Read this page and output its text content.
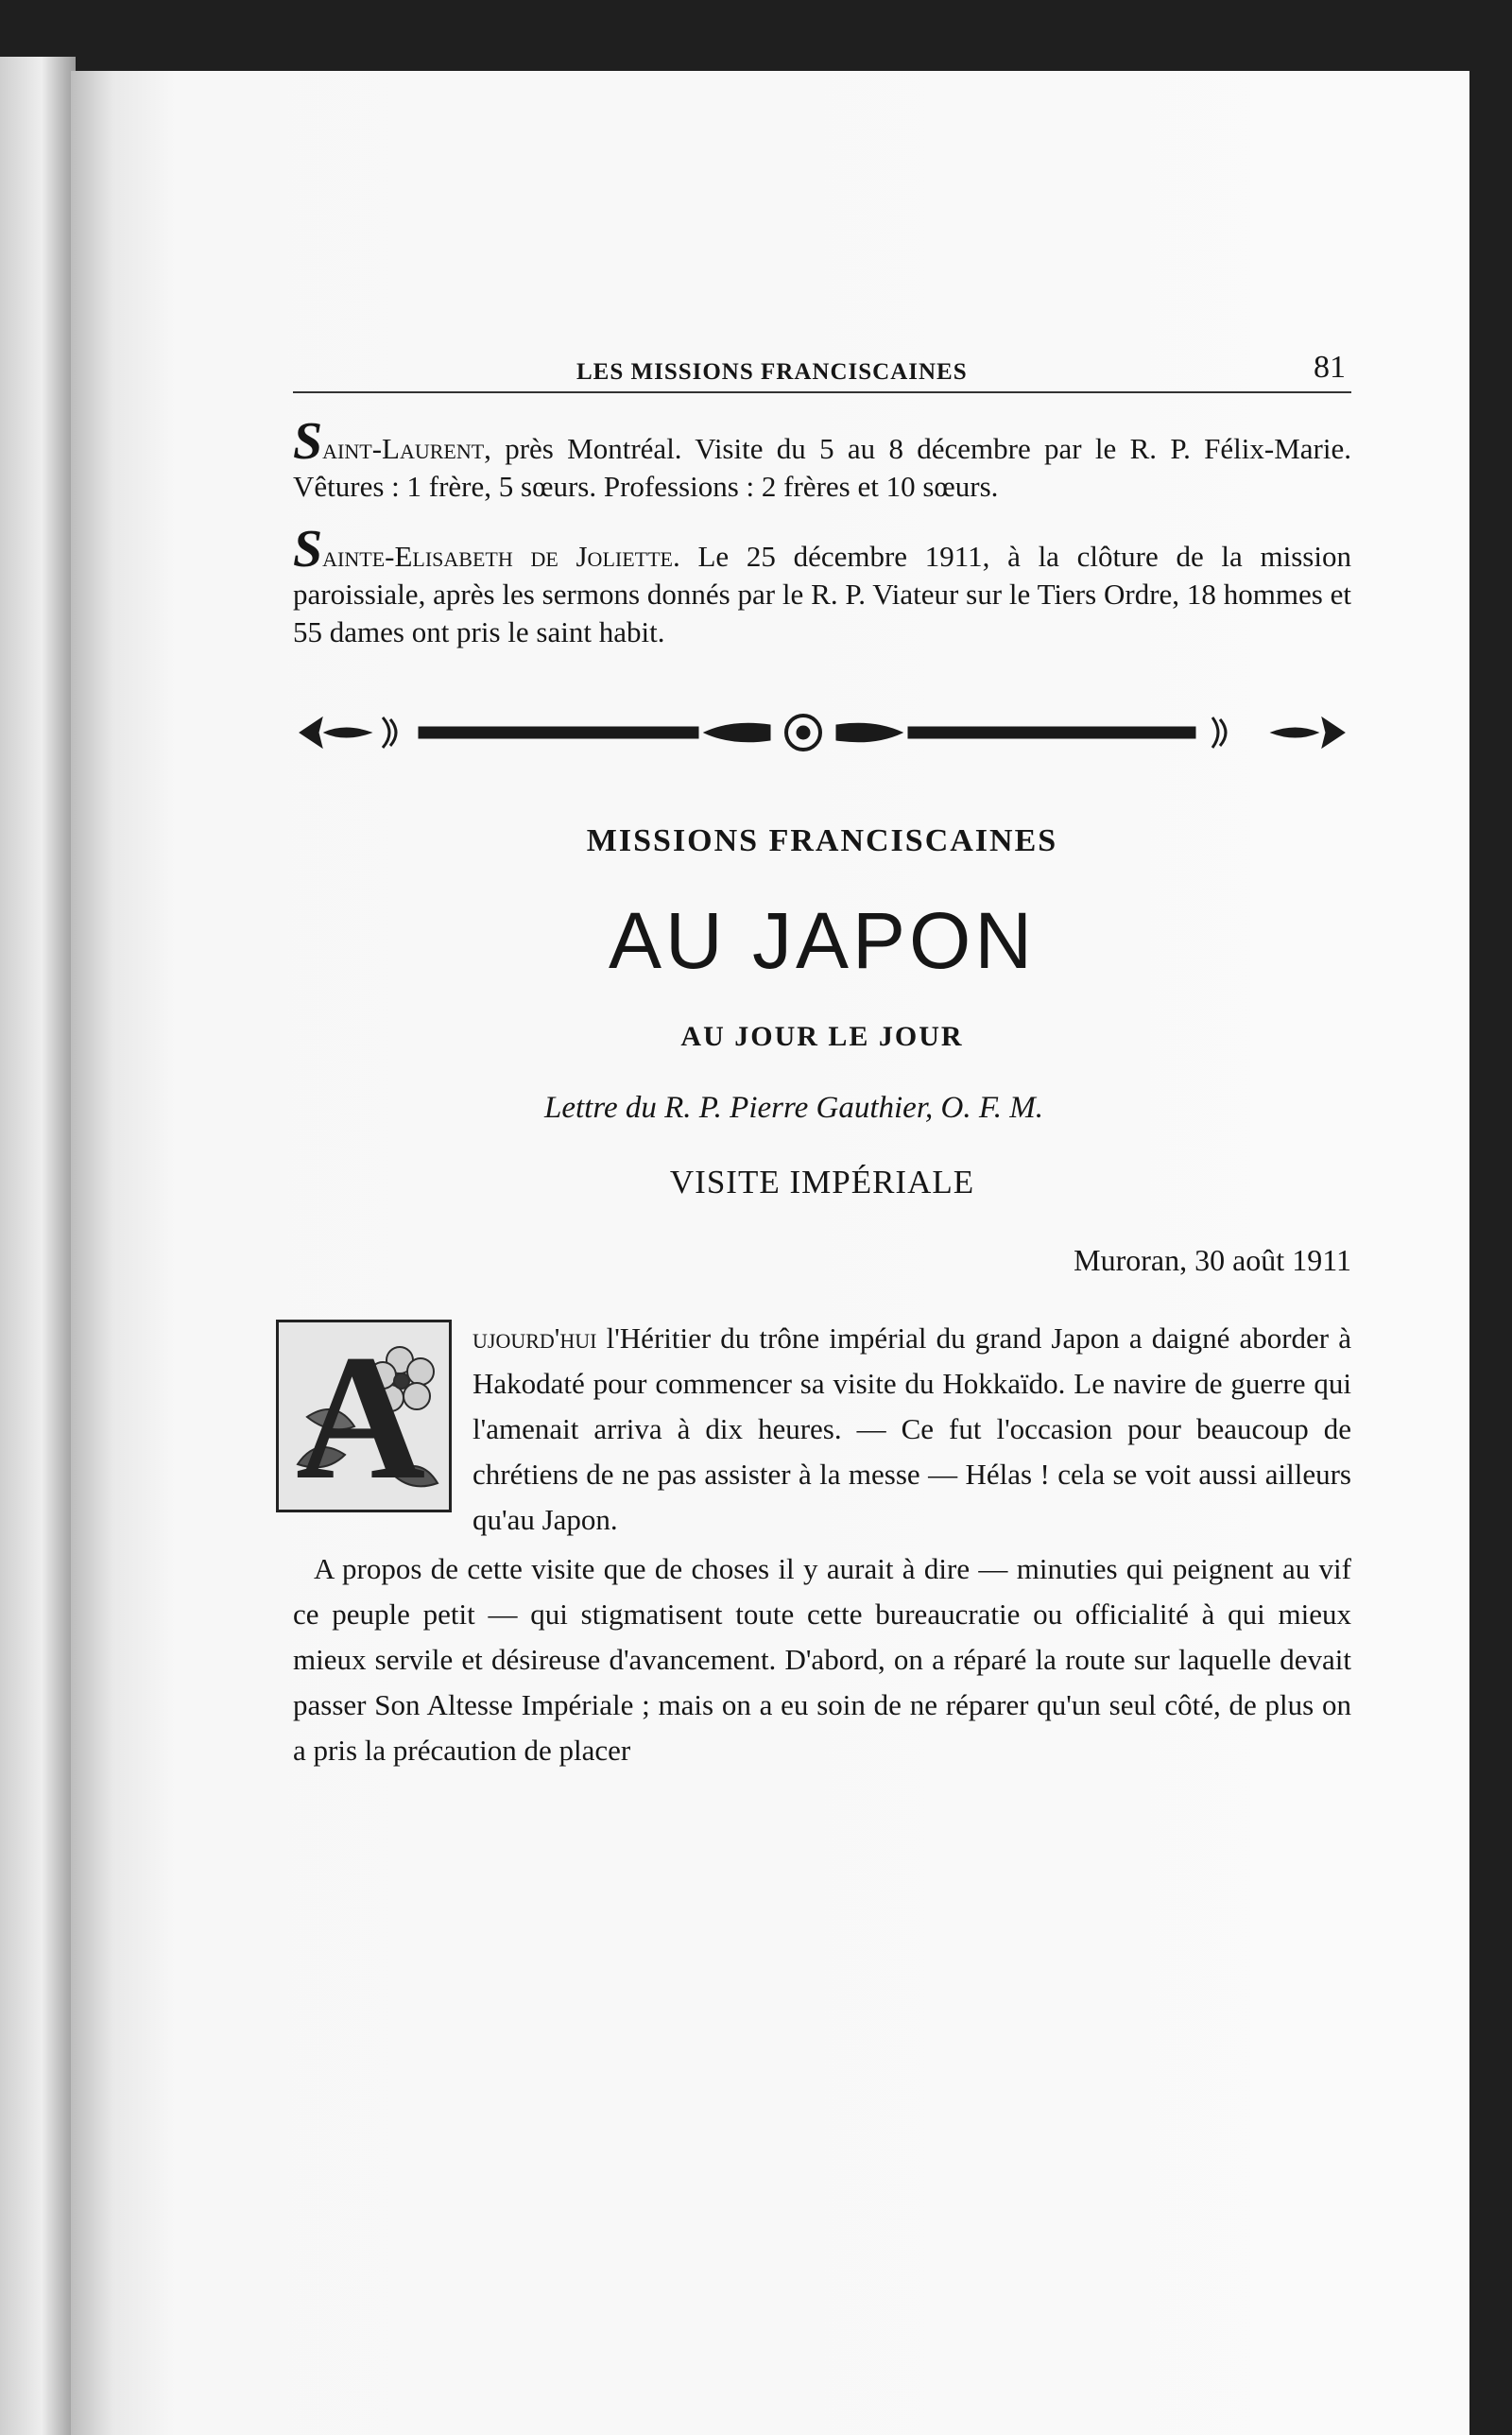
LES MISSIONS FRANCISCAINES	81

Saint-Laurent, près Montréal. Visite du 5 au 8 décembre par le R. P. Félix-Marie. Vêtures : 1 frère, 5 sœurs. Professions : 2 frères et 10 sœurs.

Sainte-Elisabeth de Joliette. Le 25 décembre 1911, à la clôture de la mission paroissiale, après les sermons donnés par le R. P. Viateur sur le Tiers Ordre, 18 hommes et 55 dames ont pris le saint habit.

MISSIONS FRANCISCAINES
AU JAPON
AU JOUR LE JOUR
Lettre du R. P. Pierre Gauthier, O. F. M.
VISITE IMPÉRIALE
Muroran, 30 août 1911
A ujourd'hui l'Héritier du trône impérial du grand Japon a daigné aborder à Hakodaté pour commencer sa visite du Hokkaïdo. Le navire de guerre qui l'amenait arriva à dix heures. — Ce fut l'occasion pour beaucoup de chrétiens de ne pas assister à la messe — Hélas ! cela se voit aussi ailleurs qu'au Japon.
A propos de cette visite que de choses il y aurait à dire — minuties qui peignent au vif ce peuple petit — qui stigmatisent toute cette bureaucratie ou officialité à qui mieux mieux servile et désireuse d'avancement. D'abord, on a réparé la route sur laquelle devait passer Son Altesse Impériale ; mais on a eu soin de ne réparer qu'un seul côté, de plus on a pris la précaution de placer
